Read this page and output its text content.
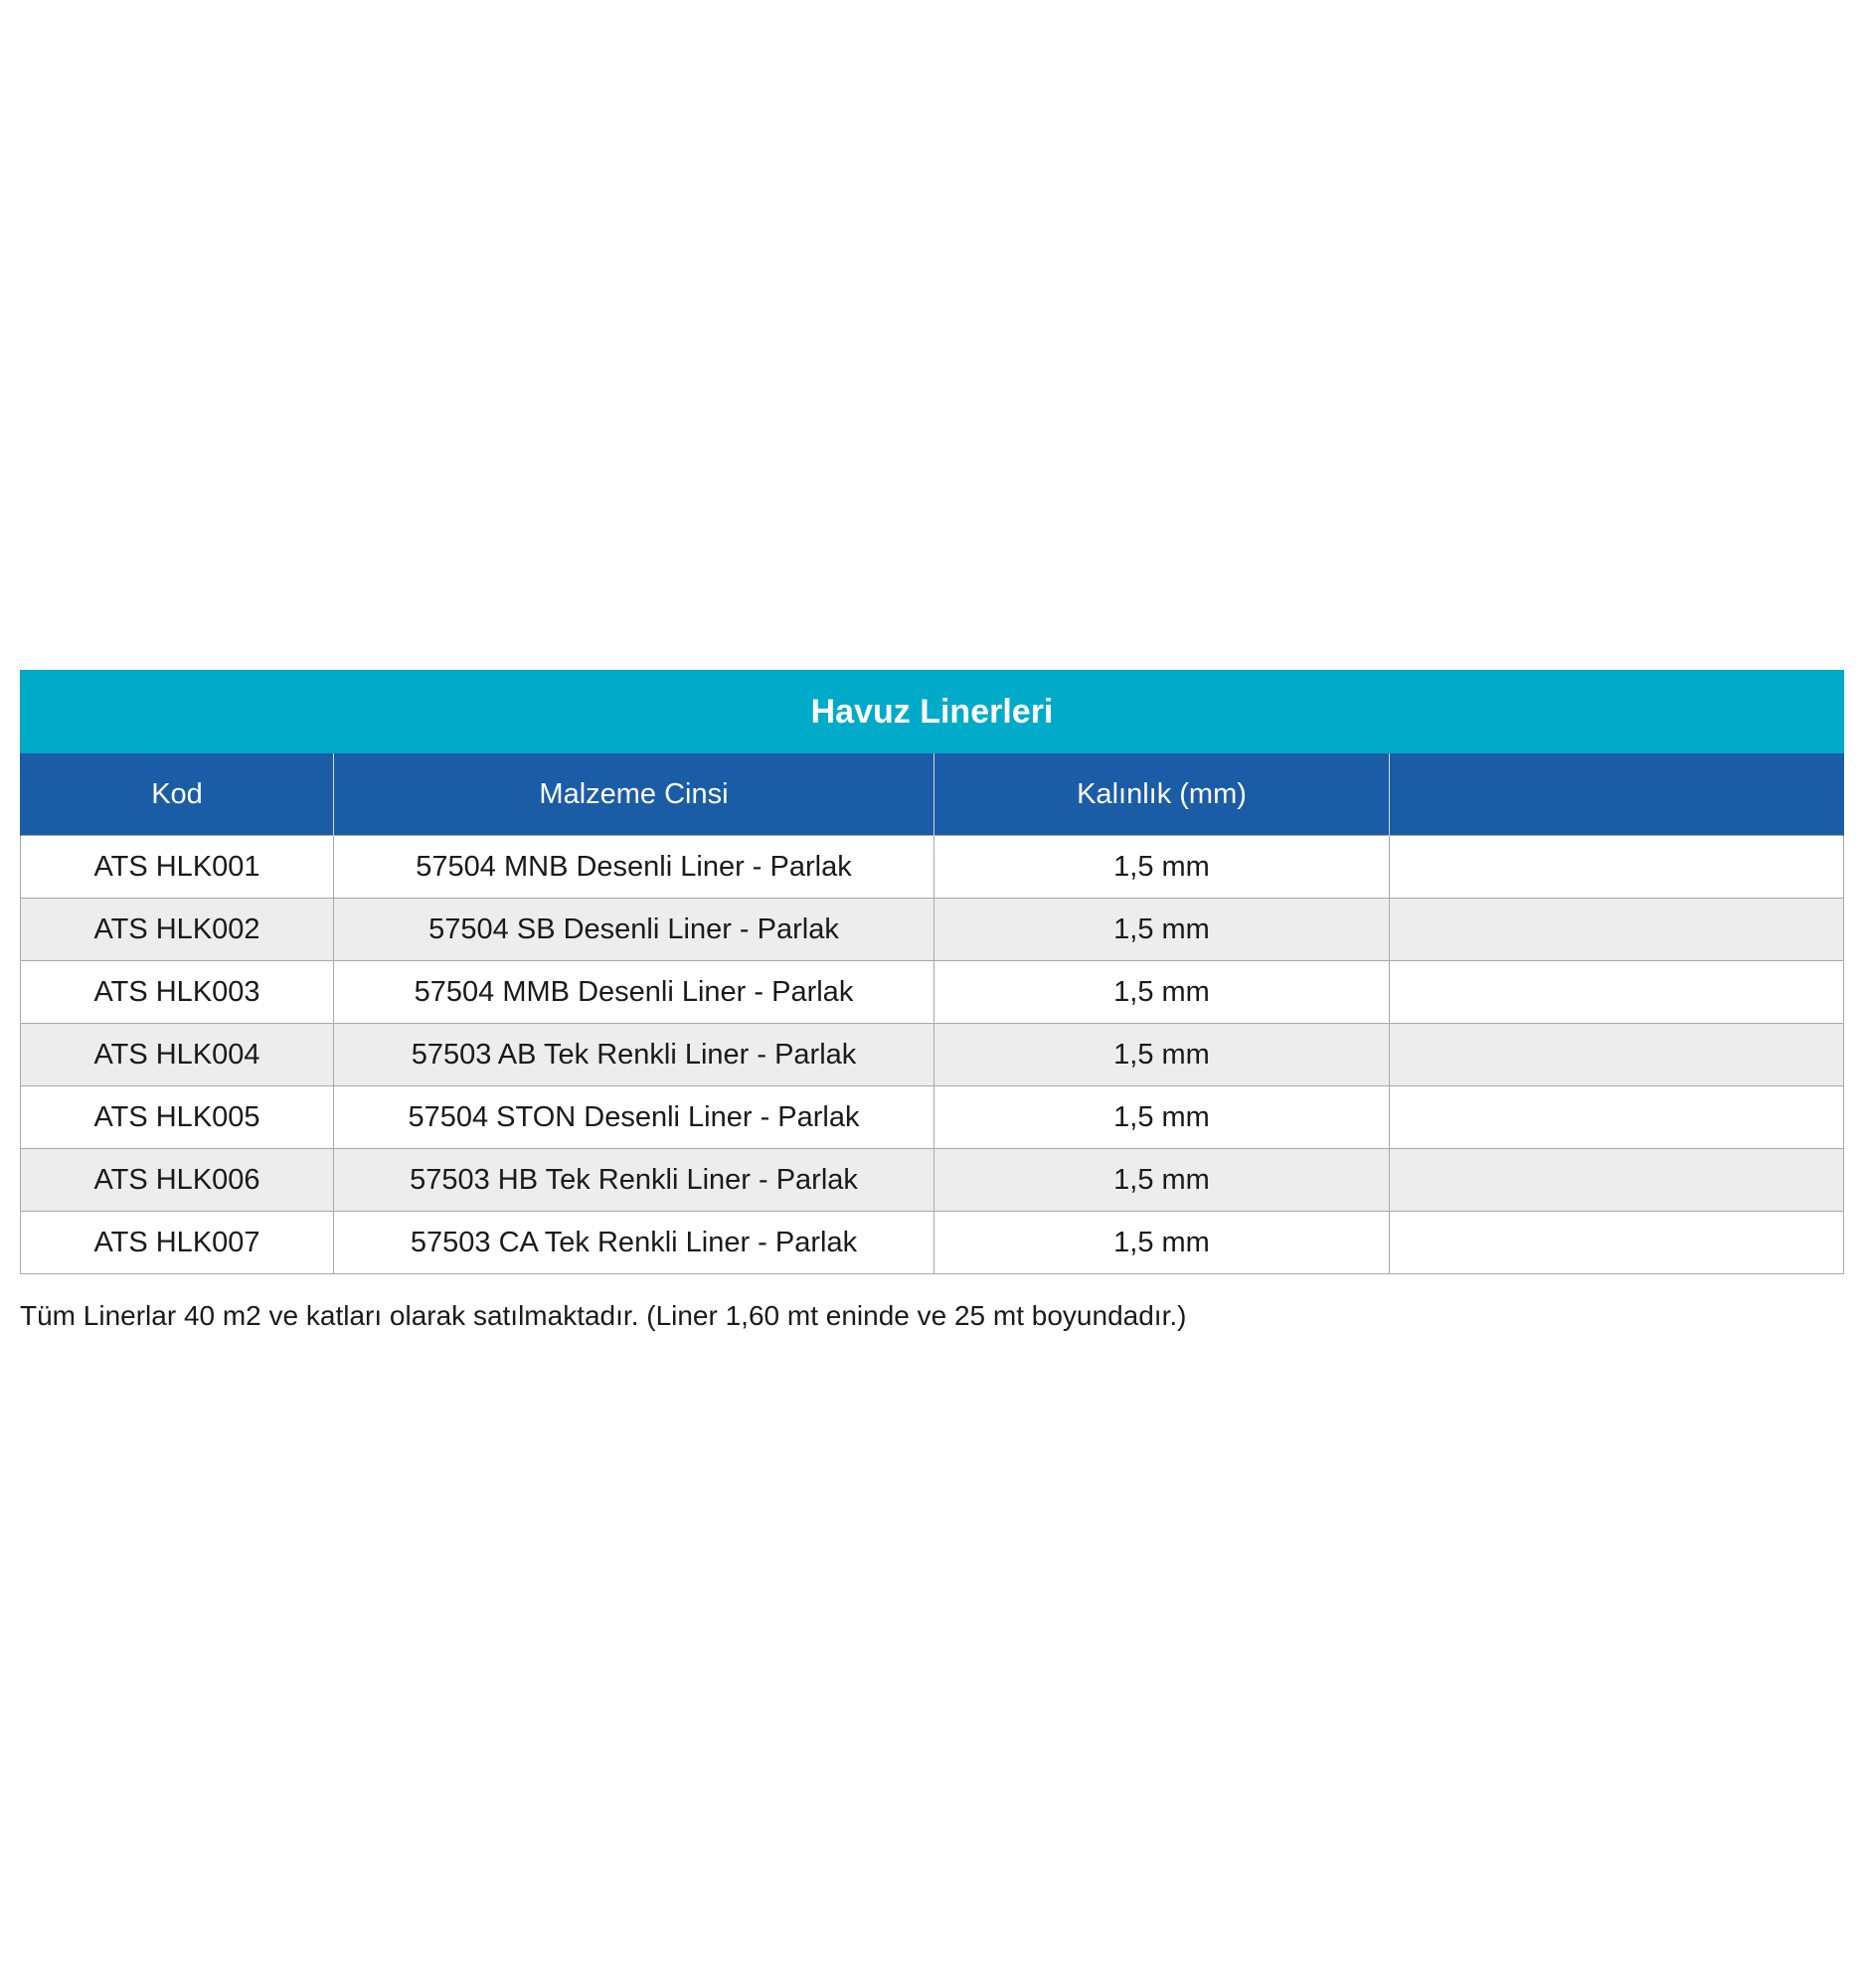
Havuz Linerleri			
Kod	Malzeme Cinsi	Kalınlık (mm)	
ATS HLK001	57504 MNB Desenli Liner - Parlak	1,5 mm	
ATS HLK002	57504 SB Desenli Liner - Parlak	1,5 mm	
ATS HLK003	57504 MMB Desenli Liner - Parlak	1,5 mm	
ATS HLK004	57503 AB Tek Renkli Liner - Parlak	1,5 mm	
ATS HLK005	57504 STON Desenli Liner - Parlak	1,5 mm	
ATS HLK006	57503 HB Tek Renkli Liner - Parlak	1,5 mm	
ATS HLK007	57503 CA Tek Renkli Liner - Parlak	1,5 mm	
Tüm Linerlar 40 m2 ve katları olarak satılmaktadır. (Liner 1,60 mt eninde ve 25 mt boyundadır.)
